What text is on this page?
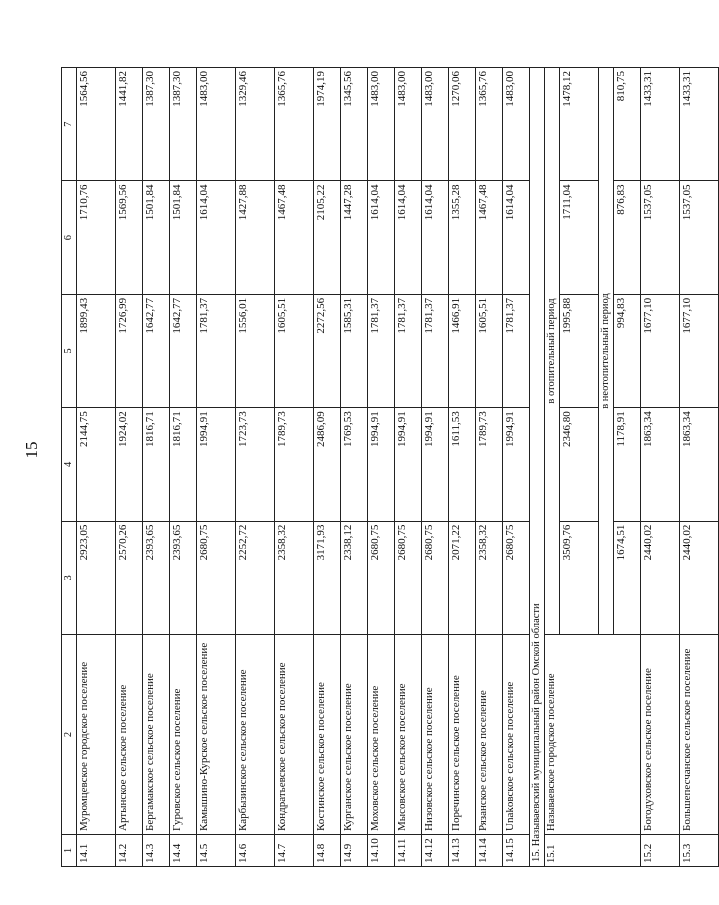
15
1	2	3	4	5	6	7
14.1	Муромцевское городское поселение	2923,05	2144,75	1899,43	1710,76	1564,56
14.2	Артынское сельское поселение	2570,26	1924,02	1726,99	1569,56	1441,82
14.3	Бергамакское сельское поселение	2393,65	1816,71	1642,77	1501,84	1387,30
14.4	Гуровское сельское поселение	2393,65	1816,71	1642,77	1501,84	1387,30
14.5	Камышино-Курское сельское поселение	2680,75	1994,91	1781,37	1614,04	1483,00
14.6	Карбызинское сельское поселение	2252,72	1723,73	1556,01	1427,88	1329,46
14.7	Кондратьевское сельское поселение	2358,32	1789,73	1605,51	1467,48	1365,76
14.8	Костинское сельское поселение	3171,93	2486,09	2272,56	2105,22	1974,19
14.9	Курганское сельское поселение	2338,12	1769,53	1585,31	1447,28	1345,56
14.10	Моховское сельское поселение	2680,75	1994,91	1781,37	1614,04	1483,00
14.11	Мысовское сельское поселение	2680,75	1994,91	1781,37	1614,04	1483,00
14.12	Низовское сельское поселение	2680,75	1994,91	1781,37	1614,04	1483,00
14.13	Поречинское сельское поселение	2071,22	1611,53	1466,91	1355,28	1270,06
14.14	Рязанское сельское поселение	2358,32	1789,73	1605,51	1467,48	1365,76
14.15	Unakовское сельское поселение	2680,75	1994,91	1781,37	1614,04	1483,00
15. Называевский муниципальный район Омской области						
15.1	Называевское городское поселение	в отопительный период				
		3509,76	2346,80	1995,88	1711,04	1478,12
		в неотопительный период				
		1674,51	1178,91	994,83	876,83	810,75
15.2	Богодуховское сельское поселение	2440,02	1863,34	1677,10	1537,05	1433,31
15.3	Большепесчанское сельское поселение	2440,02	1863,34	1677,10	1537,05	1433,31
